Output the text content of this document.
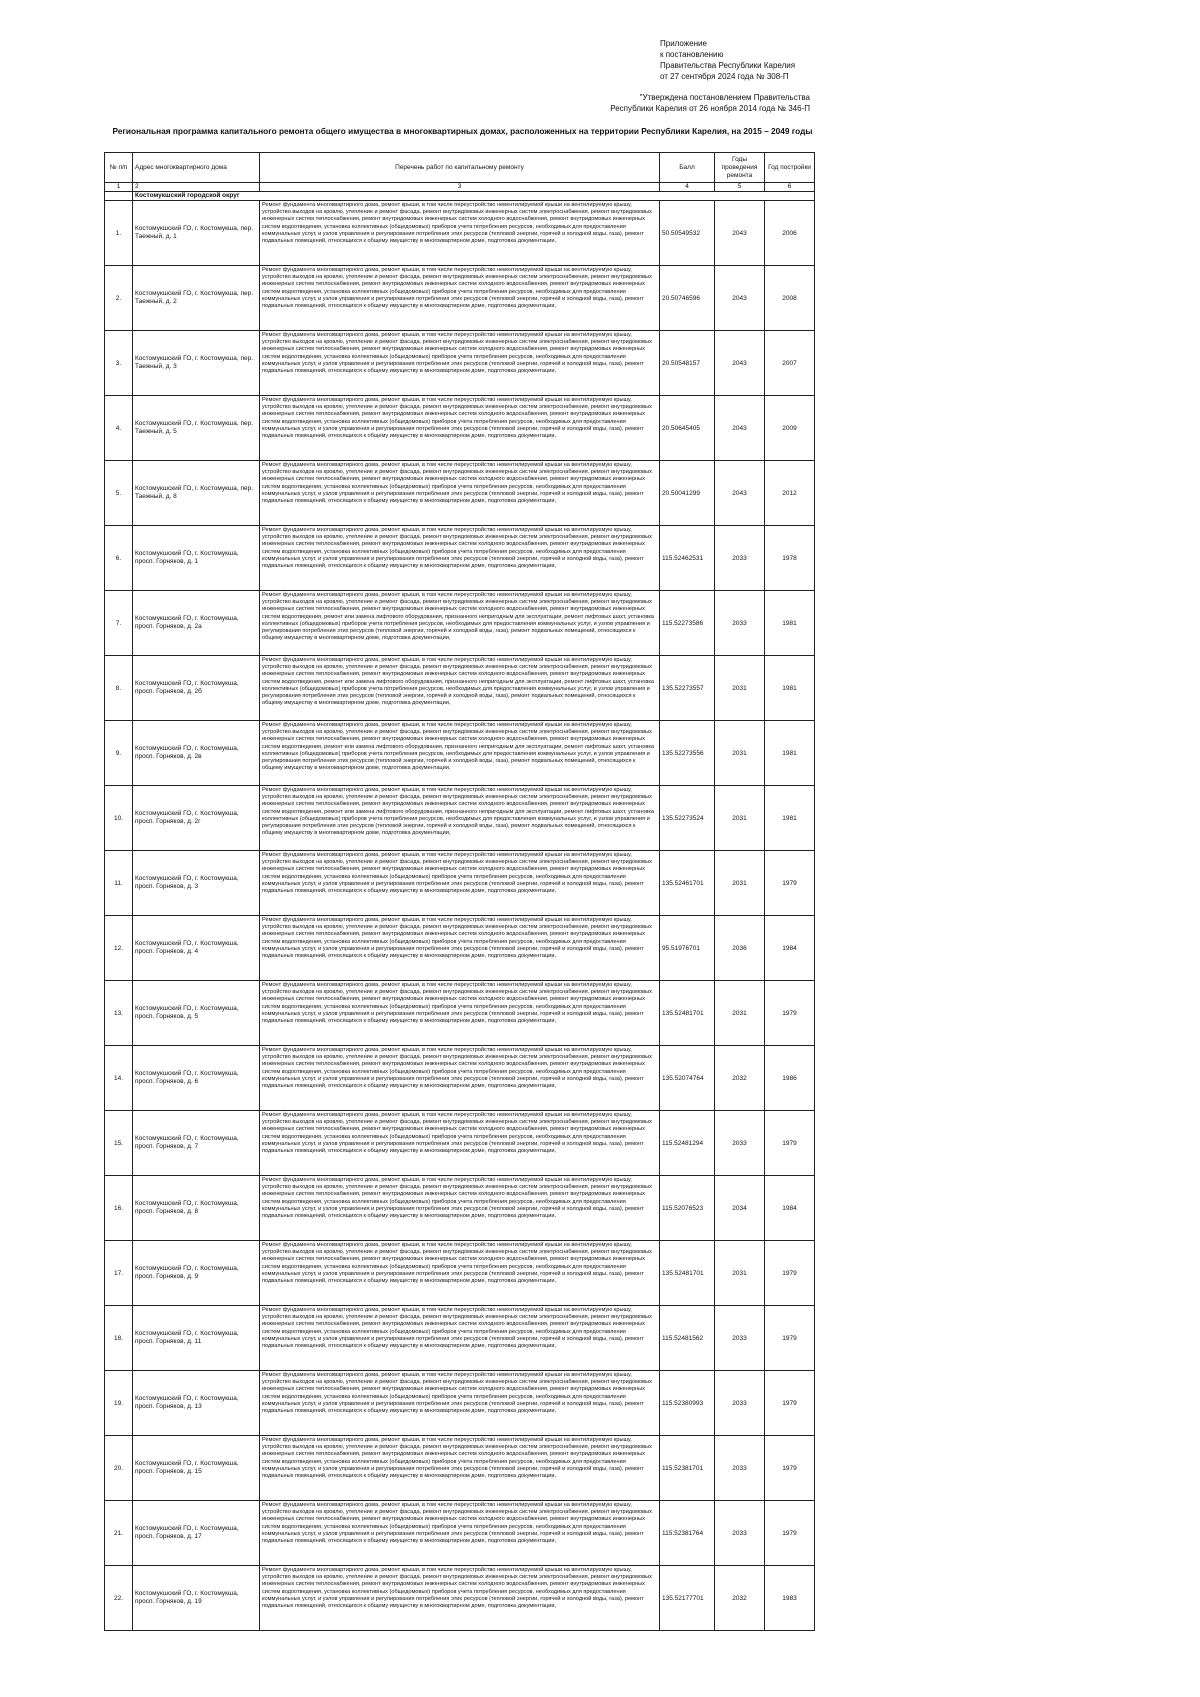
Приложение
к постановлению
Правительства Республики Карелия
от 27 сентября 2024 года № 308-П
"Утверждена постановлением Правительства
Республики Карелия от 26 ноября 2014 года № 346-П
Региональная программа капитального ремонта общего имущества в многоквартирных домах, расположенных на территории Республики Карелия, на 2015 – 2049 годы
№ п/п	Адрес многоквартирного дома	Перечень работ по капитальному ремонту	Балл	Годы проведения ремонта	Год постройки
1	2	3	4	5	6
	Костомукшский городской округ				
1.	Костомукшский ГО, г. Костомукша, пер. Таежный, д. 1	Ремонт фундамента многоквартирного дома, ремонт крыши, в том числе переустройство невентилируемой крыши на вентилируемую крышу, устройство выходов на кровлю, утепление и ремонт фасада, ремонт внутридомовых инженерных систем электроснабжения, ремонт внутридомовых инженерных систем теплоснабжения, ремонт внутридомовых инженерных систем холодного водоснабжения, ремонт внутридомовых инженерных систем водоотведения, установка коллективных (общедомовых) приборов учета потребления ресурсов, необходимых для предоставления коммунальных услуг, и узлов управления и регулирования потребления этих ресурсов (тепловой энергии, горячей и холодной воды, газа), ремонт подвальных помещений, относящихся к общему имуществу в многоквартирном доме, подготовка документации,	50.50549532	2043	2006
2.	Костомукшский ГО, г. Костомукша, пер. Таежный, д. 2	Ремонт фундамента многоквартирного дома, ремонт крыши, в том числе переустройство невентилируемой крыши на вентилируемую крышу, устройство выходов на кровлю, утепление и ремонт фасада, ремонт внутридомовых инженерных систем электроснабжения, ремонт внутридомовых инженерных систем теплоснабжения, ремонт внутридомовых инженерных систем холодного водоснабжения, ремонт внутридомовых инженерных систем водоотведения, установка коллективных (общедомовых) приборов учета потребления ресурсов, необходимых для предоставления коммунальных услуг, и узлов управления и регулирования потребления этих ресурсов (тепловой энергии, горячей и холодной воды, газа), ремонт подвальных помещений, относящихся к общему имуществу в многоквартирном доме, подготовка документации,	20.50746596	2043	2008
3.	Костомукшский ГО, г. Костомукша, пер. Таежный, д. 3	Ремонт фундамента многоквартирного дома, ремонт крыши, в том числе переустройство невентилируемой крыши на вентилируемую крышу, устройство выходов на кровлю, утепление и ремонт фасада, ремонт внутридомовых инженерных систем электроснабжения, ремонт внутридомовых инженерных систем теплоснабжения, ремонт внутридомовых инженерных систем холодного водоснабжения, ремонт внутридомовых инженерных систем водоотведения, установка коллективных (общедомовых) приборов учета потребления ресурсов, необходимых для предоставления коммунальных услуг, и узлов управления и регулирования потребления этих ресурсов (тепловой энергии, горячей и холодной воды, газа), ремонт подвальных помещений, относящихся к общему имуществу в многоквартирном доме, подготовка документации,	20.50548157	2043	2007
4.	Костомукшский ГО, г. Костомукша, пер. Таежный, д. 5	Ремонт фундамента многоквартирного дома, ремонт крыши, в том числе переустройство невентилируемой крыши на вентилируемую крышу, устройство выходов на кровлю, утепление и ремонт фасада, ремонт внутридомовых инженерных систем электроснабжения, ремонт внутридомовых инженерных систем теплоснабжения, ремонт внутридомовых инженерных систем холодного водоснабжения, ремонт внутридомовых инженерных систем водоотведения, установка коллективных (общедомовых) приборов учета потребления ресурсов, необходимых для предоставления коммунальных услуг, и узлов управления и регулирования потребления этих ресурсов (тепловой энергии, горячей и холодной воды, газа), ремонт подвальных помещений, относящихся к общему имуществу в многоквартирном доме, подготовка документации,	20.50645405	2043	2009
5.	Костомукшский ГО, г. Костомукша, пер. Таежный, д. 8	Ремонт фундамента многоквартирного дома, ремонт крыши, в том числе переустройство невентилируемой крыши на вентилируемую крышу, устройство выходов на кровлю, утепление и ремонт фасада, ремонт внутридомовых инженерных систем электроснабжения, ремонт внутридомовых инженерных систем теплоснабжения, ремонт внутридомовых инженерных систем холодного водоснабжения, ремонт внутридомовых инженерных систем водоотведения, установка коллективных (общедомовых) приборов учета потребления ресурсов, необходимых для предоставления коммунальных услуг, и узлов управления и регулирования потребления этих ресурсов (тепловой энергии, горячей и холодной воды, газа), ремонт подвальных помещений, относящихся к общему имуществу в многоквартирном доме, подготовка документации,	20.50041299	2043	2012
6.	Костомукшский ГО, г. Костомукша, просп. Горняков, д. 1	Ремонт фундамента многоквартирного дома, ремонт крыши, в том числе переустройство невентилируемой крыши на вентилируемую крышу, устройство выходов на кровлю, утепление и ремонт фасада, ремонт внутридомовых инженерных систем электроснабжения, ремонт внутридомовых инженерных систем теплоснабжения, ремонт внутридомовых инженерных систем холодного водоснабжения, ремонт внутридомовых инженерных систем водоотведения, установка коллективных (общедомовых) приборов учета потребления ресурсов, необходимых для предоставления коммунальных услуг, и узлов управления и регулирования потребления этих ресурсов (тепловой энергии, горячей и холодной воды, газа), ремонт подвальных помещений, относящихся к общему имуществу в многоквартирном доме, подготовка документации,	115.52462531	2033	1978
7.	Костомукшский ГО, г. Костомукша, просп. Горняков, д. 2а	Ремонт фундамента многоквартирного дома, ремонт крыши, в том числе переустройство невентилируемой крыши на вентилируемую крышу, устройство выходов на кровлю, утепление и ремонт фасада, ремонт внутридомовых инженерных систем электроснабжения, ремонт внутридомовых инженерных систем теплоснабжения, ремонт внутридомовых инженерных систем холодного водоснабжения, ремонт внутридомовых инженерных систем водоотведения, ремонт или замена лифтового оборудования, признанного непригодным для эксплуатации, ремонт лифтовых шахт, установка коллективных (общедомовых) приборов учета потребления ресурсов, необходимых для предоставления коммунальных услуг, и узлов управления и регулирования потребления этих ресурсов (тепловой энергии, горячей и холодной воды, газа), ремонт подвальных помещений, относящихся к общему имуществу в многоквартирном доме, подготовка документации,	115.52273586	2033	1981
8.	Костомукшский ГО, г. Костомукша, просп. Горняков, д. 2б	Ремонт фундамента многоквартирного дома, ремонт крыши, в том числе переустройство невентилируемой крыши на вентилируемую крышу, устройство выходов на кровлю, утепление и ремонт фасада, ремонт внутридомовых инженерных систем электроснабжения, ремонт внутридомовых инженерных систем теплоснабжения, ремонт внутридомовых инженерных систем холодного водоснабжения, ремонт внутридомовых инженерных систем водоотведения, ремонт или замена лифтового оборудования, признанного непригодным для эксплуатации, ремонт лифтовых шахт, установка коллективных (общедомовых) приборов учета потребления ресурсов, необходимых для предоставления коммунальных услуг, и узлов управления и регулирования потребления этих ресурсов (тепловой энергии, горячей и холодной воды, газа), ремонт подвальных помещений, относящихся к общему имуществу в многоквартирном доме, подготовка документации,	135.52273557	2031	1981
9.	Костомукшский ГО, г. Костомукша, просп. Горняков, д. 2в	Ремонт фундамента многоквартирного дома, ремонт крыши, в том числе переустройство невентилируемой крыши на вентилируемую крышу, устройство выходов на кровлю, утепление и ремонт фасада, ремонт внутридомовых инженерных систем электроснабжения, ремонт внутридомовых инженерных систем теплоснабжения, ремонт внутридомовых инженерных систем холодного водоснабжения, ремонт внутридомовых инженерных систем водоотведения, ремонт или замена лифтового оборудования, признанного непригодным для эксплуатации, ремонт лифтовых шахт, установка коллективных (общедомовых) приборов учета потребления ресурсов, необходимых для предоставления коммунальных услуг, и узлов управления и регулирования потребления этих ресурсов (тепловой энергии, горячей и холодной воды, газа), ремонт подвальных помещений, относящихся к общему имуществу в многоквартирном доме, подготовка документации,	135.52273556	2031	1981
10.	Костомукшский ГО, г. Костомукша, просп. Горняков, д. 2г	Ремонт фундамента многоквартирного дома, ремонт крыши, в том числе переустройство невентилируемой крыши на вентилируемую крышу, устройство выходов на кровлю, утепление и ремонт фасада, ремонт внутридомовых инженерных систем электроснабжения, ремонт внутридомовых инженерных систем теплоснабжения, ремонт внутридомовых инженерных систем холодного водоснабжения, ремонт внутридомовых инженерных систем водоотведения, ремонт или замена лифтового оборудования, признанного непригодным для эксплуатации, ремонт лифтовых шахт, установка коллективных (общедомовых) приборов учета потребления ресурсов, необходимых для предоставления коммунальных услуг, и узлов управления и регулирования потребления этих ресурсов (тепловой энергии, горячей и холодной воды, газа), ремонт подвальных помещений, относящихся к общему имуществу в многоквартирном доме, подготовка документации,	135.52273524	2031	1981
11.	Костомукшский ГО, г. Костомукша, просп. Горняков, д. 3	Ремонт фундамента многоквартирного дома, ремонт крыши, в том числе переустройство невентилируемой крыши на вентилируемую крышу, устройство выходов на кровлю, утепление и ремонт фасада, ремонт внутридомовых инженерных систем электроснабжения, ремонт внутридомовых инженерных систем теплоснабжения, ремонт внутридомовых инженерных систем холодного водоснабжения, ремонт внутридомовых инженерных систем водоотведения, установка коллективных (общедомовых) приборов учета потребления ресурсов, необходимых для предоставления коммунальных услуг, и узлов управления и регулирования потребления этих ресурсов (тепловой энергии, горячей и холодной воды, газа), ремонт подвальных помещений, относящихся к общему имуществу в многоквартирном доме, подготовка документации,	135.52461701	2031	1979
12.	Костомукшский ГО, г. Костомукша, просп. Горняков, д. 4	Ремонт фундамента многоквартирного дома, ремонт крыши, в том числе переустройство невентилируемой крыши на вентилируемую крышу, устройство выходов на кровлю, утепление и ремонт фасада, ремонт внутридомовых инженерных систем электроснабжения, ремонт внутридомовых инженерных систем теплоснабжения, ремонт внутридомовых инженерных систем холодного водоснабжения, ремонт внутридомовых инженерных систем водоотведения, установка коллективных (общедомовых) приборов учета потребления ресурсов, необходимых для предоставления коммунальных услуг, и узлов управления и регулирования потребления этих ресурсов (тепловой энергии, горячей и холодной воды, газа), ремонт подвальных помещений, относящихся к общему имуществу в многоквартирном доме, подготовка документации,	95.51976701	2036	1984
13.	Костомукшский ГО, г. Костомукша, просп. Горняков, д. 5	Ремонт фундамента многоквартирного дома, ремонт крыши, в том числе переустройство невентилируемой крыши на вентилируемую крышу, устройство выходов на кровлю, утепление и ремонт фасада, ремонт внутридомовых инженерных систем электроснабжения, ремонт внутридомовых инженерных систем теплоснабжения, ремонт внутридомовых инженерных систем холодного водоснабжения, ремонт внутридомовых инженерных систем водоотведения, установка коллективных (общедомовых) приборов учета потребления ресурсов, необходимых для предоставления коммунальных услуг, и узлов управления и регулирования потребления этих ресурсов (тепловой энергии, горячей и холодной воды, газа), ремонт подвальных помещений, относящихся к общему имуществу в многоквартирном доме, подготовка документации,	135.52481701	2031	1979
14.	Костомукшский ГО, г. Костомукша, просп. Горняков, д. 6	Ремонт фундамента многоквартирного дома, ремонт крыши, в том числе переустройство невентилируемой крыши на вентилируемую крышу, устройство выходов на кровлю, утепление и ремонт фасада, ремонт внутридомовых инженерных систем электроснабжения, ремонт внутридомовых инженерных систем теплоснабжения, ремонт внутридомовых инженерных систем холодного водоснабжения, ремонт внутридомовых инженерных систем водоотведения, установка коллективных (общедомовых) приборов учета потребления ресурсов, необходимых для предоставления коммунальных услуг, и узлов управления и регулирования потребления этих ресурсов (тепловой энергии, горячей и холодной воды, газа), ремонт подвальных помещений, относящихся к общему имуществу в многоквартирном доме, подготовка документации,	135.52074764	2032	1986
15.	Костомукшский ГО, г. Костомукша, просп. Горняков, д. 7	Ремонт фундамента многоквартирного дома, ремонт крыши, в том числе переустройство невентилируемой крыши на вентилируемую крышу, устройство выходов на кровлю, утепление и ремонт фасада, ремонт внутридомовых инженерных систем электроснабжения, ремонт внутридомовых инженерных систем теплоснабжения, ремонт внутридомовых инженерных систем холодного водоснабжения, ремонт внутридомовых инженерных систем водоотведения, установка коллективных (общедомовых) приборов учета потребления ресурсов, необходимых для предоставления коммунальных услуг, и узлов управления и регулирования потребления этих ресурсов (тепловой энергии, горячей и холодной воды, газа), ремонт подвальных помещений, относящихся к общему имуществу в многоквартирном доме, подготовка документации,	115.52481294	2033	1979
16.	Костомукшский ГО, г. Костомукша, просп. Горняков, д. 8	Ремонт фундамента многоквартирного дома, ремонт крыши, в том числе переустройство невентилируемой крыши на вентилируемую крышу, устройство выходов на кровлю, утепление и ремонт фасада, ремонт внутридомовых инженерных систем электроснабжения, ремонт внутридомовых инженерных систем теплоснабжения, ремонт внутридомовых инженерных систем холодного водоснабжения, ремонт внутридомовых инженерных систем водоотведения, установка коллективных (общедомовых) приборов учета потребления ресурсов, необходимых для предоставления коммунальных услуг, и узлов управления и регулирования потребления этих ресурсов (тепловой энергии, горячей и холодной воды, газа), ремонт подвальных помещений, относящихся к общему имуществу в многоквартирном доме, подготовка документации,	115.52076523	2034	1984
17.	Костомукшский ГО, г. Костомукша, просп. Горняков, д. 9	Ремонт фундамента многоквартирного дома, ремонт крыши, в том числе переустройство невентилируемой крыши на вентилируемую крышу, устройство выходов на кровлю, утепление и ремонт фасада, ремонт внутридомовых инженерных систем электроснабжения, ремонт внутридомовых инженерных систем теплоснабжения, ремонт внутридомовых инженерных систем холодного водоснабжения, ремонт внутридомовых инженерных систем водоотведения, установка коллективных (общедомовых) приборов учета потребления ресурсов, необходимых для предоставления коммунальных услуг, и узлов управления и регулирования потребления этих ресурсов (тепловой энергии, горячей и холодной воды, газа), ремонт подвальных помещений, относящихся к общему имуществу в многоквартирном доме, подготовка документации,	135.52481701	2031	1979
18.	Костомукшский ГО, г. Костомукша, просп. Горняков, д. 11	Ремонт фундамента многоквартирного дома, ремонт крыши, в том числе переустройство невентилируемой крыши на вентилируемую крышу, устройство выходов на кровлю, утепление и ремонт фасада, ремонт внутридомовых инженерных систем электроснабжения, ремонт внутридомовых инженерных систем теплоснабжения, ремонт внутридомовых инженерных систем холодного водоснабжения, ремонт внутридомовых инженерных систем водоотведения, установка коллективных (общедомовых) приборов учета потребления ресурсов, необходимых для предоставления коммунальных услуг, и узлов управления и регулирования потребления этих ресурсов (тепловой энергии, горячей и холодной воды, газа), ремонт подвальных помещений, относящихся к общему имуществу в многоквартирном доме, подготовка документации,	115.52481562	2033	1979
19.	Костомукшский ГО, г. Костомукша, просп. Горняков, д. 13	Ремонт фундамента многоквартирного дома, ремонт крыши, в том числе переустройство невентилируемой крыши на вентилируемую крышу, устройство выходов на кровлю, утепление и ремонт фасада, ремонт внутридомовых инженерных систем электроснабжения, ремонт внутридомовых инженерных систем теплоснабжения, ремонт внутридомовых инженерных систем холодного водоснабжения, ремонт внутридомовых инженерных систем водоотведения, установка коллективных (общедомовых) приборов учета потребления ресурсов, необходимых для предоставления коммунальных услуг, и узлов управления и регулирования потребления этих ресурсов (тепловой энергии, горячей и холодной воды, газа), ремонт подвальных помещений, относящихся к общему имуществу в многоквартирном доме, подготовка документации,	115.52380993	2033	1979
20.	Костомукшский ГО, г. Костомукша, просп. Горняков, д. 15	Ремонт фундамента многоквартирного дома, ремонт крыши, в том числе переустройство невентилируемой крыши на вентилируемую крышу, устройство выходов на кровлю, утепление и ремонт фасада, ремонт внутридомовых инженерных систем электроснабжения, ремонт внутридомовых инженерных систем теплоснабжения, ремонт внутридомовых инженерных систем холодного водоснабжения, ремонт внутридомовых инженерных систем водоотведения, установка коллективных (общедомовых) приборов учета потребления ресурсов, необходимых для предоставления коммунальных услуг, и узлов управления и регулирования потребления этих ресурсов (тепловой энергии, горячей и холодной воды, газа), ремонт подвальных помещений, относящихся к общему имуществу в многоквартирном доме, подготовка документации,	115.52381701	2033	1979
21.	Костомукшский ГО, г. Костомукша, просп. Горняков, д. 17	Ремонт фундамента многоквартирного дома, ремонт крыши, в том числе переустройство невентилируемой крыши на вентилируемую крышу, устройство выходов на кровлю, утепление и ремонт фасада, ремонт внутридомовых инженерных систем электроснабжения, ремонт внутридомовых инженерных систем теплоснабжения, ремонт внутридомовых инженерных систем холодного водоснабжения, ремонт внутридомовых инженерных систем водоотведения, установка коллективных (общедомовых) приборов учета потребления ресурсов, необходимых для предоставления коммунальных услуг, и узлов управления и регулирования потребления этих ресурсов (тепловой энергии, горячей и холодной воды, газа), ремонт подвальных помещений, относящихся к общему имуществу в многоквартирном доме, подготовка документации,	115.52381764	2033	1979
22.	Костомукшский ГО, г. Костомукша, просп. Горняков, д. 19	Ремонт фундамента многоквартирного дома, ремонт крыши, в том числе переустройство невентилируемой крыши на вентилируемую крышу, устройство выходов на кровлю, утепление и ремонт фасада, ремонт внутридомовых инженерных систем электроснабжения, ремонт внутридомовых инженерных систем теплоснабжения, ремонт внутридомовых инженерных систем холодного водоснабжения, ремонт внутридомовых инженерных систем водоотведения, установка коллективных (общедомовых) приборов учета потребления ресурсов, необходимых для предоставления коммунальных услуг, и узлов управления и регулирования потребления этих ресурсов (тепловой энергии, горячей и холодной воды, газа), ремонт подвальных помещений, относящихся к общему имуществу в многоквартирном доме, подготовка документации,	135.52177701	2032	1983
